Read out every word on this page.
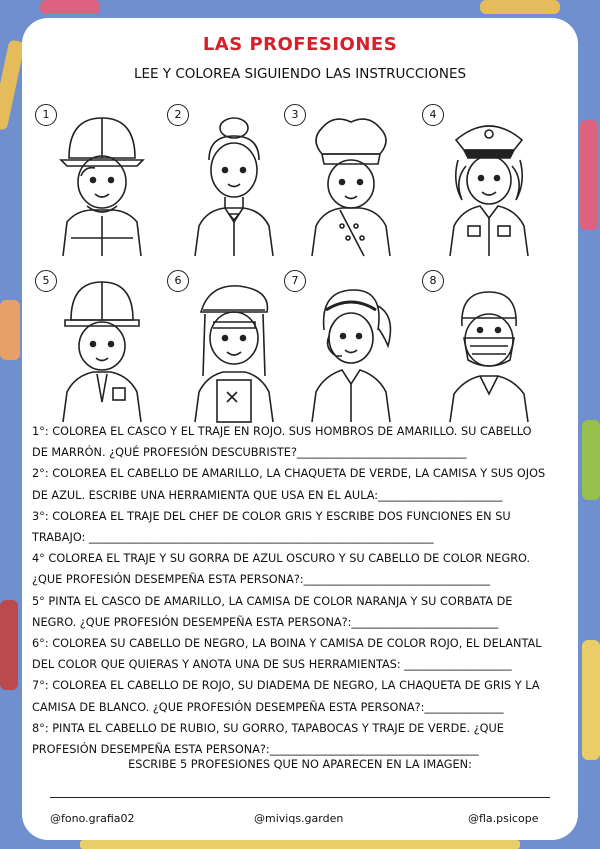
LAS PROFESIONES
LEE Y COLOREA SIGUIENDO LAS INSTRUCCIONES
1	2	3	4
5	6	7	8

1°: COLOREA EL CASCO Y EL TRAJE EN ROJO. SUS HOMBROS DE AMARILLO. SU CABELLO

DE MARRÓN. ¿QUÉ PROFESIÓN DESCUBRISTE?______________________________

2°: COLOREA EL CABELLO DE AMARILLO, LA CHAQUETA DE VERDE, LA CAMISA Y SUS OJOS

DE AZUL. ESCRIBE UNA HERRAMIENTA QUE USA EN EL AULA:______________________

3°: COLOREA EL TRAJE DEL CHEF DE COLOR GRIS Y ESCRIBE DOS FUNCIONES EN SU

TRABAJO: _____________________________________________________________

4° COLOREA EL TRAJE Y SU GORRA DE AZUL OSCURO Y SU CABELLO DE COLOR NEGRO.

¿QUE PROFESIÓN DESEMPEÑA ESTA PERSONA?:_________________________________

5° PINTA EL CASCO DE AMARILLO, LA CAMISA DE COLOR NARANJA Y SU CORBATA DE

NEGRO. ¿QUE PROFESIÓN DESEMPEÑA ESTA PERSONA?:__________________________

6°: COLOREA SU CABELLO DE NEGRO, LA BOINA Y CAMISA DE COLOR ROJO, EL DELANTAL

DEL COLOR QUE QUIERAS Y ANOTA UNA DE SUS HERRAMIENTAS: ___________________

7°: COLOREA EL CABELLO DE ROJO, SU DIADEMA DE NEGRO, LA CHAQUETA DE GRIS Y LA

CAMISA DE BLANCO. ¿QUE PROFESIÓN DESEMPEÑA ESTA PERSONA?:______________

8°: PINTA EL CABELLO DE RUBIO, SU GORRO, TAPABOCAS Y TRAJE DE VERDE. ¿QUE

PROFESIÓN DESEMPEÑA ESTA PERSONA?:_____________________________________

ESCRIBE 5 PROFESIONES QUE NO APARECEN EN LA IMAGEN:
@fono.grafia02	@miviqs.garden	@fla.psicope
